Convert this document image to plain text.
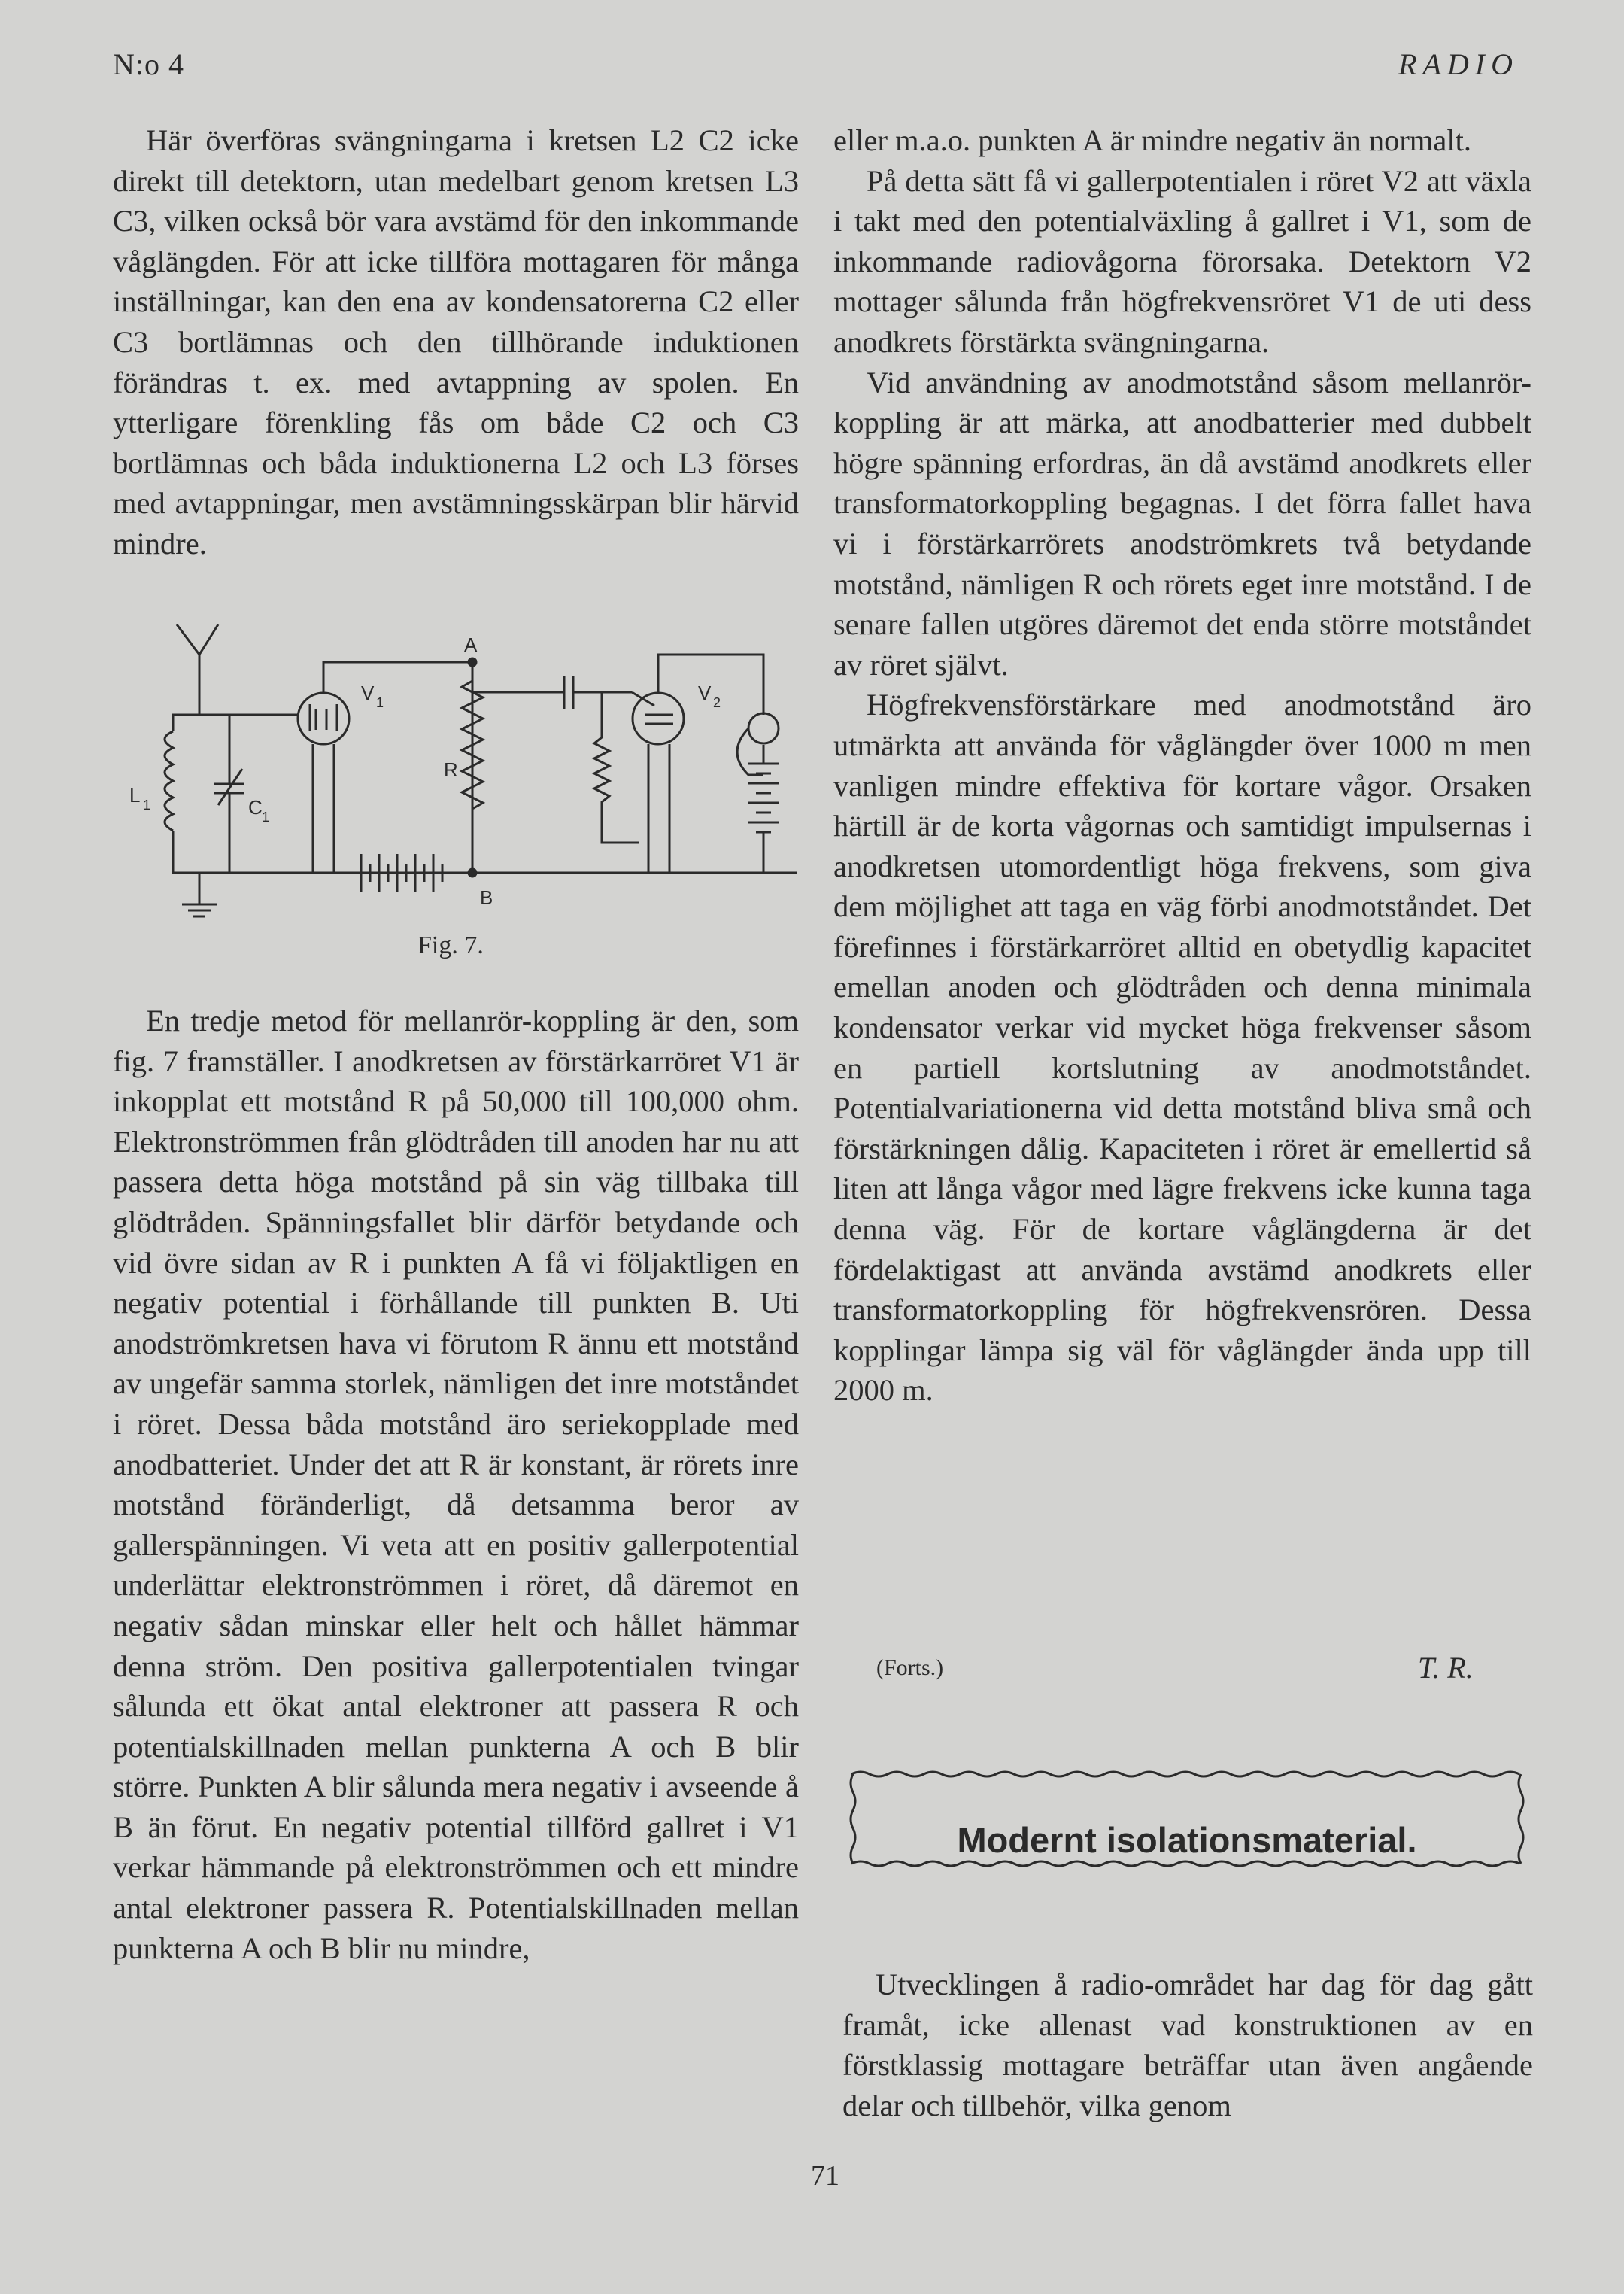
N:o 4	RADIO

Här överföras svängningarna i kretsen L2 C2 icke direkt till detektorn, utan medelbart genom kretsen L3 C3, vilken också bör vara avstämd för den inkommande våglängden. För att icke tillföra mottagaren för många inställningar, kan den ena av kondensatorerna C2 eller C3 bortlämnas och den tillhörande induktionen förändras t. ex. med avtappning av spolen. En ytterligare förenkling fås om både C2 och C3 bortlämnas och båda induktionerna L2 och L3 förses med avtappningar, men avstämningsskärpan blir härvid mindre.

A
B
R
V 1	V 2
L 1	C 1
Fig. 7.

En tredje metod för mellanrör-koppling är den, som fig. 7 framställer. I anodkretsen av förstärkarröret V1 är inkopplat ett motstånd R på 50,000 till 100,000 ohm. Elektronströmmen från glödtråden till anoden har nu att passera detta höga motstånd på sin väg tillbaka till glödtråden. Spänningsfallet blir därför betydande och vid övre sidan av R i punkten A få vi följaktligen en negativ potential i förhållande till punkten B. Uti anodströmkretsen hava vi förutom R ännu ett motstånd av ungefär samma storlek, nämligen det inre motståndet i röret. Dessa båda motstånd äro seriekopplade med anodbatteriet. Under det att R är konstant, är rörets inre motstånd föränderligt, då detsamma beror av gallerspänningen. Vi veta att en positiv gallerpotential underlättar elektronströmmen i röret, då däremot en negativ sådan minskar eller helt och hållet hämmar denna ström. Den positiva gallerpotentialen tvingar sålunda ett ökat antal elektroner att passera R och potentialskillnaden mellan punkterna A och B blir större. Punkten A blir sålunda mera negativ i avseende å B än förut. En negativ potential tillförd gallret i V1 verkar hämmande på elektronströmmen och ett mindre antal elektroner passera R. Potentialskillnaden mellan punkterna A och B blir nu mindre,

eller m.a.o. punkten A är mindre negativ än normalt.

På detta sätt få vi gallerpotentialen i röret V2 att växla i takt med den potentialväxling å gallret i V1, som de inkommande radiovågorna förorsaka. Detektorn V2 mottager sålunda från högfrekvensröret V1 de uti dess anodkrets förstärkta svängningarna.

Vid användning av anodmotstånd såsom mellanrör-koppling är att märka, att anodbatterier med dubbelt högre spänning erfordras, än då avstämd anodkrets eller transformatorkoppling begagnas. I det förra fallet hava vi i förstärkarrörets anodströmkrets två betydande motstånd, nämligen R och rörets eget inre motstånd. I de senare fallen utgöres däremot det enda större motståndet av röret självt.

Högfrekvensförstärkare med anodmotstånd äro utmärkta att använda för våglängder över 1000 m men vanligen mindre effektiva för kortare vågor. Orsaken härtill är de korta vågornas och samtidigt impulsernas i anodkretsen utomordentligt höga frekvens, som giva dem möjlighet att taga en väg förbi anodmotståndet. Det förefinnes i förstärkarröret alltid en obetydlig kapacitet emellan anoden och glödtråden och denna minimala kondensator verkar vid mycket höga frekvenser såsom en partiell kortslutning av anodmotståndet. Potentialvariationerna vid detta motstånd bliva små och förstärkningen dålig. Kapaciteten i röret är emellertid så liten att långa vågor med lägre frekvens icke kunna taga denna väg. För de kortare våglängderna är det fördelaktigast att använda avstämd anodkrets eller transformatorkoppling för högfrekvensrören. Dessa kopplingar lämpa sig väl för våglängder ända upp till 2000 m.

(Forts.)	T. R.
Modernt isolationsmaterial.

Utvecklingen å radio-området har dag för dag gått framåt, icke allenast vad konstruktionen av en förstklassig mottagare beträffar utan även angående delar och tillbehör, vilka genom

71
